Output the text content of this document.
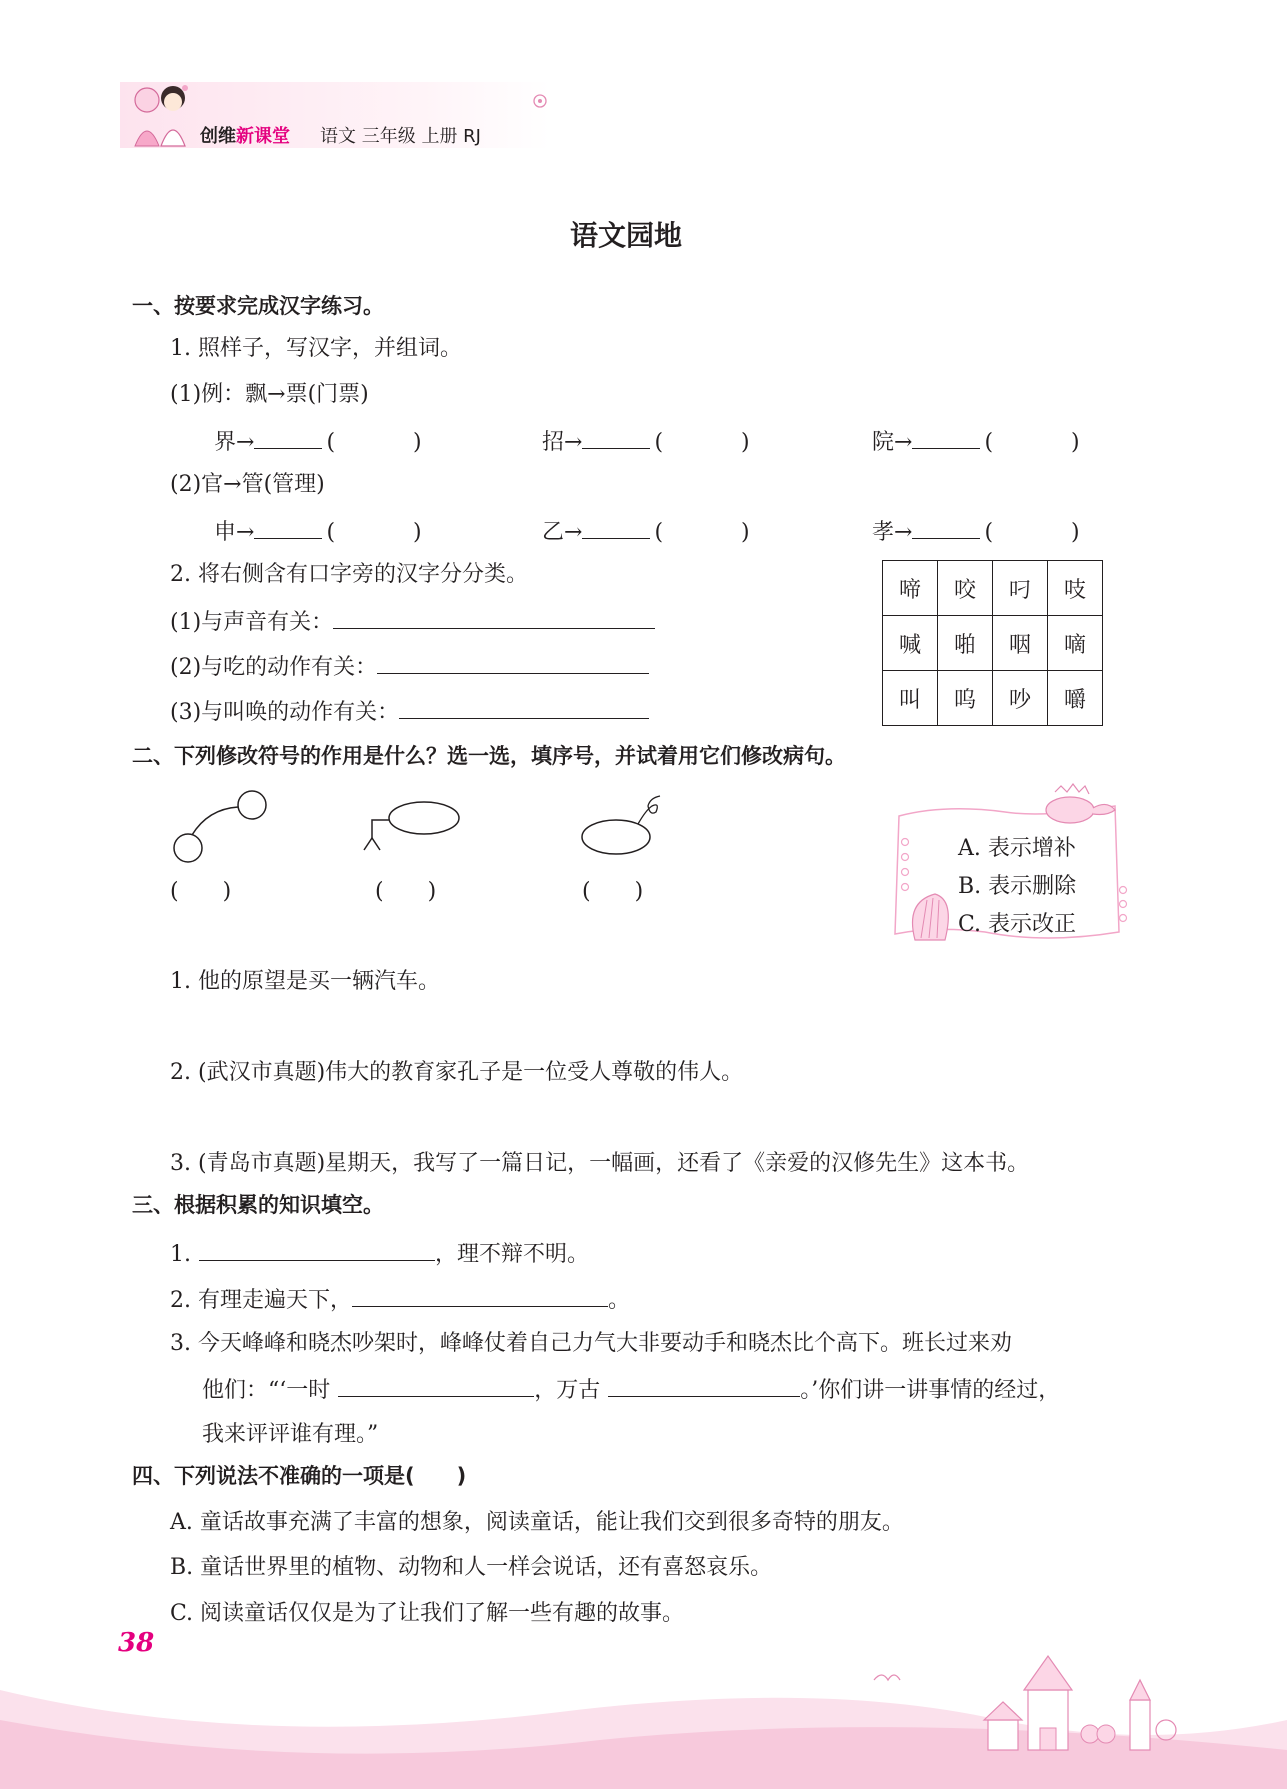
创维新课堂 语文 三年级 上册 RJ
语文园地
一、按要求完成汉字练习。
1. 照样子，写汉字，并组词。
(1)例：飘→票(门票)
界→	(	)	招→	(	)	院→	(	)
(2)官→管(管理)
申→	(	)	乙→	(	)	孝→	(	)
2. 将右侧含有口字旁的汉字分分类。
(1)与声音有关：
(2)与吃的动作有关：
(3)与叫唤的动作有关：
啼	咬	叼	吱
喊	啪	咽	嘀
叫	呜	吵	嚼
二、下列修改符号的作用是什么？选一选，填序号，并试着用它们修改病句。
(　　)	(　　)	(　　)
A. 表示增补
B. 表示删除
C. 表示改正
1. 他的原望是买一辆汽车。
2. (武汉市真题)伟大的教育家孔子是一位受人尊敬的伟人。
3. (青岛市真题)星期天，我写了一篇日记，一幅画，还看了《亲爱的汉修先生》这本书。
三、根据积累的知识填空。
1.	，理不辩不明。
2. 有理走遍天下，	。
3. 今天峰峰和晓杰吵架时，峰峰仗着自己力气大非要动手和晓杰比个高下。班长过来劝
他们：“‘一时	，万古	。’你们讲一讲事情的经过，
我来评评谁有理。”
四、下列说法不准确的一项是(　　)
A. 童话故事充满了丰富的想象，阅读童话，能让我们交到很多奇特的朋友。
B. 童话世界里的植物、动物和人一样会说话，还有喜怒哀乐。
C. 阅读童话仅仅是为了让我们了解一些有趣的故事。
38
